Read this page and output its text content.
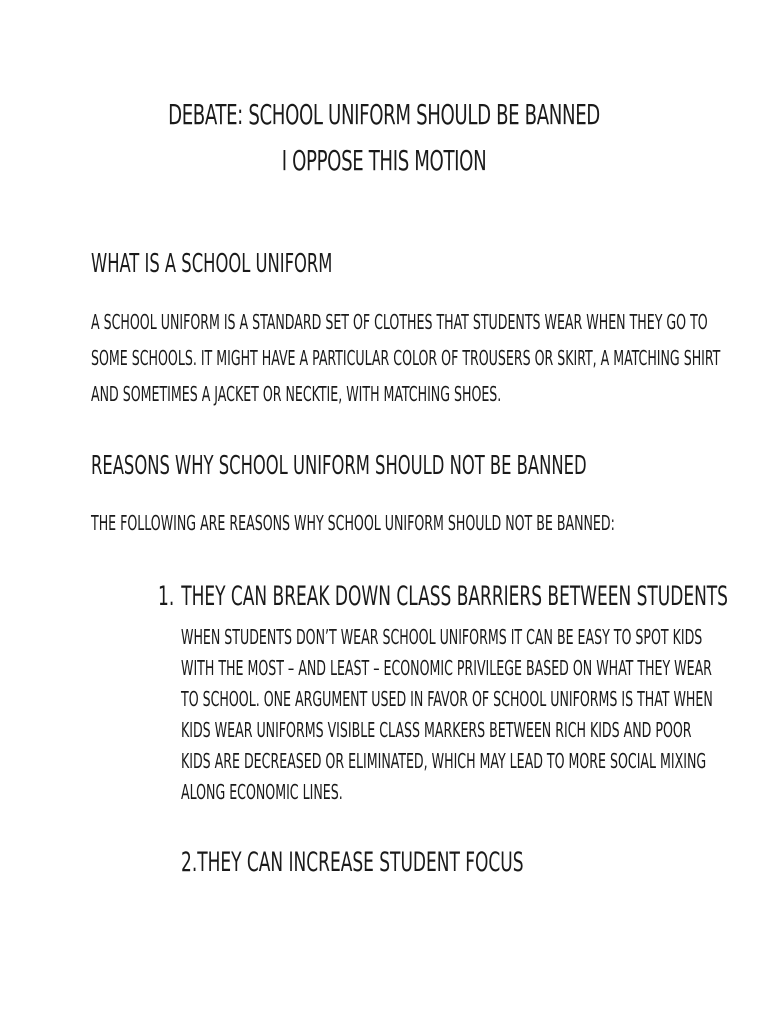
DEBATE: SCHOOL UNIFORM SHOULD BE BANNED
I OPPOSE THIS MOTION
WHAT IS A SCHOOL UNIFORM
A SCHOOL UNIFORM IS A STANDARD SET OF CLOTHES THAT STUDENTS WEAR WHEN THEY GO TO
SOME SCHOOLS. IT MIGHT HAVE A PARTICULAR COLOR OF TROUSERS OR SKIRT, A MATCHING SHIRT
AND SOMETIMES A JACKET OR NECKTIE, WITH MATCHING SHOES.
REASONS WHY SCHOOL UNIFORM SHOULD NOT BE BANNED
THE FOLLOWING ARE REASONS WHY SCHOOL UNIFORM SHOULD NOT BE BANNED:
1. THEY CAN BREAK DOWN CLASS BARRIERS BETWEEN STUDENTS
WHEN STUDENTS DON’T WEAR SCHOOL UNIFORMS IT CAN BE EASY TO SPOT KIDS
WITH THE MOST – AND LEAST – ECONOMIC PRIVILEGE BASED ON WHAT THEY WEAR
TO SCHOOL. ONE ARGUMENT USED IN FAVOR OF SCHOOL UNIFORMS IS THAT WHEN
KIDS WEAR UNIFORMS VISIBLE CLASS MARKERS BETWEEN RICH KIDS AND POOR
KIDS ARE DECREASED OR ELIMINATED, WHICH MAY LEAD TO MORE SOCIAL MIXING
ALONG ECONOMIC LINES.
2.THEY CAN INCREASE STUDENT FOCUS
